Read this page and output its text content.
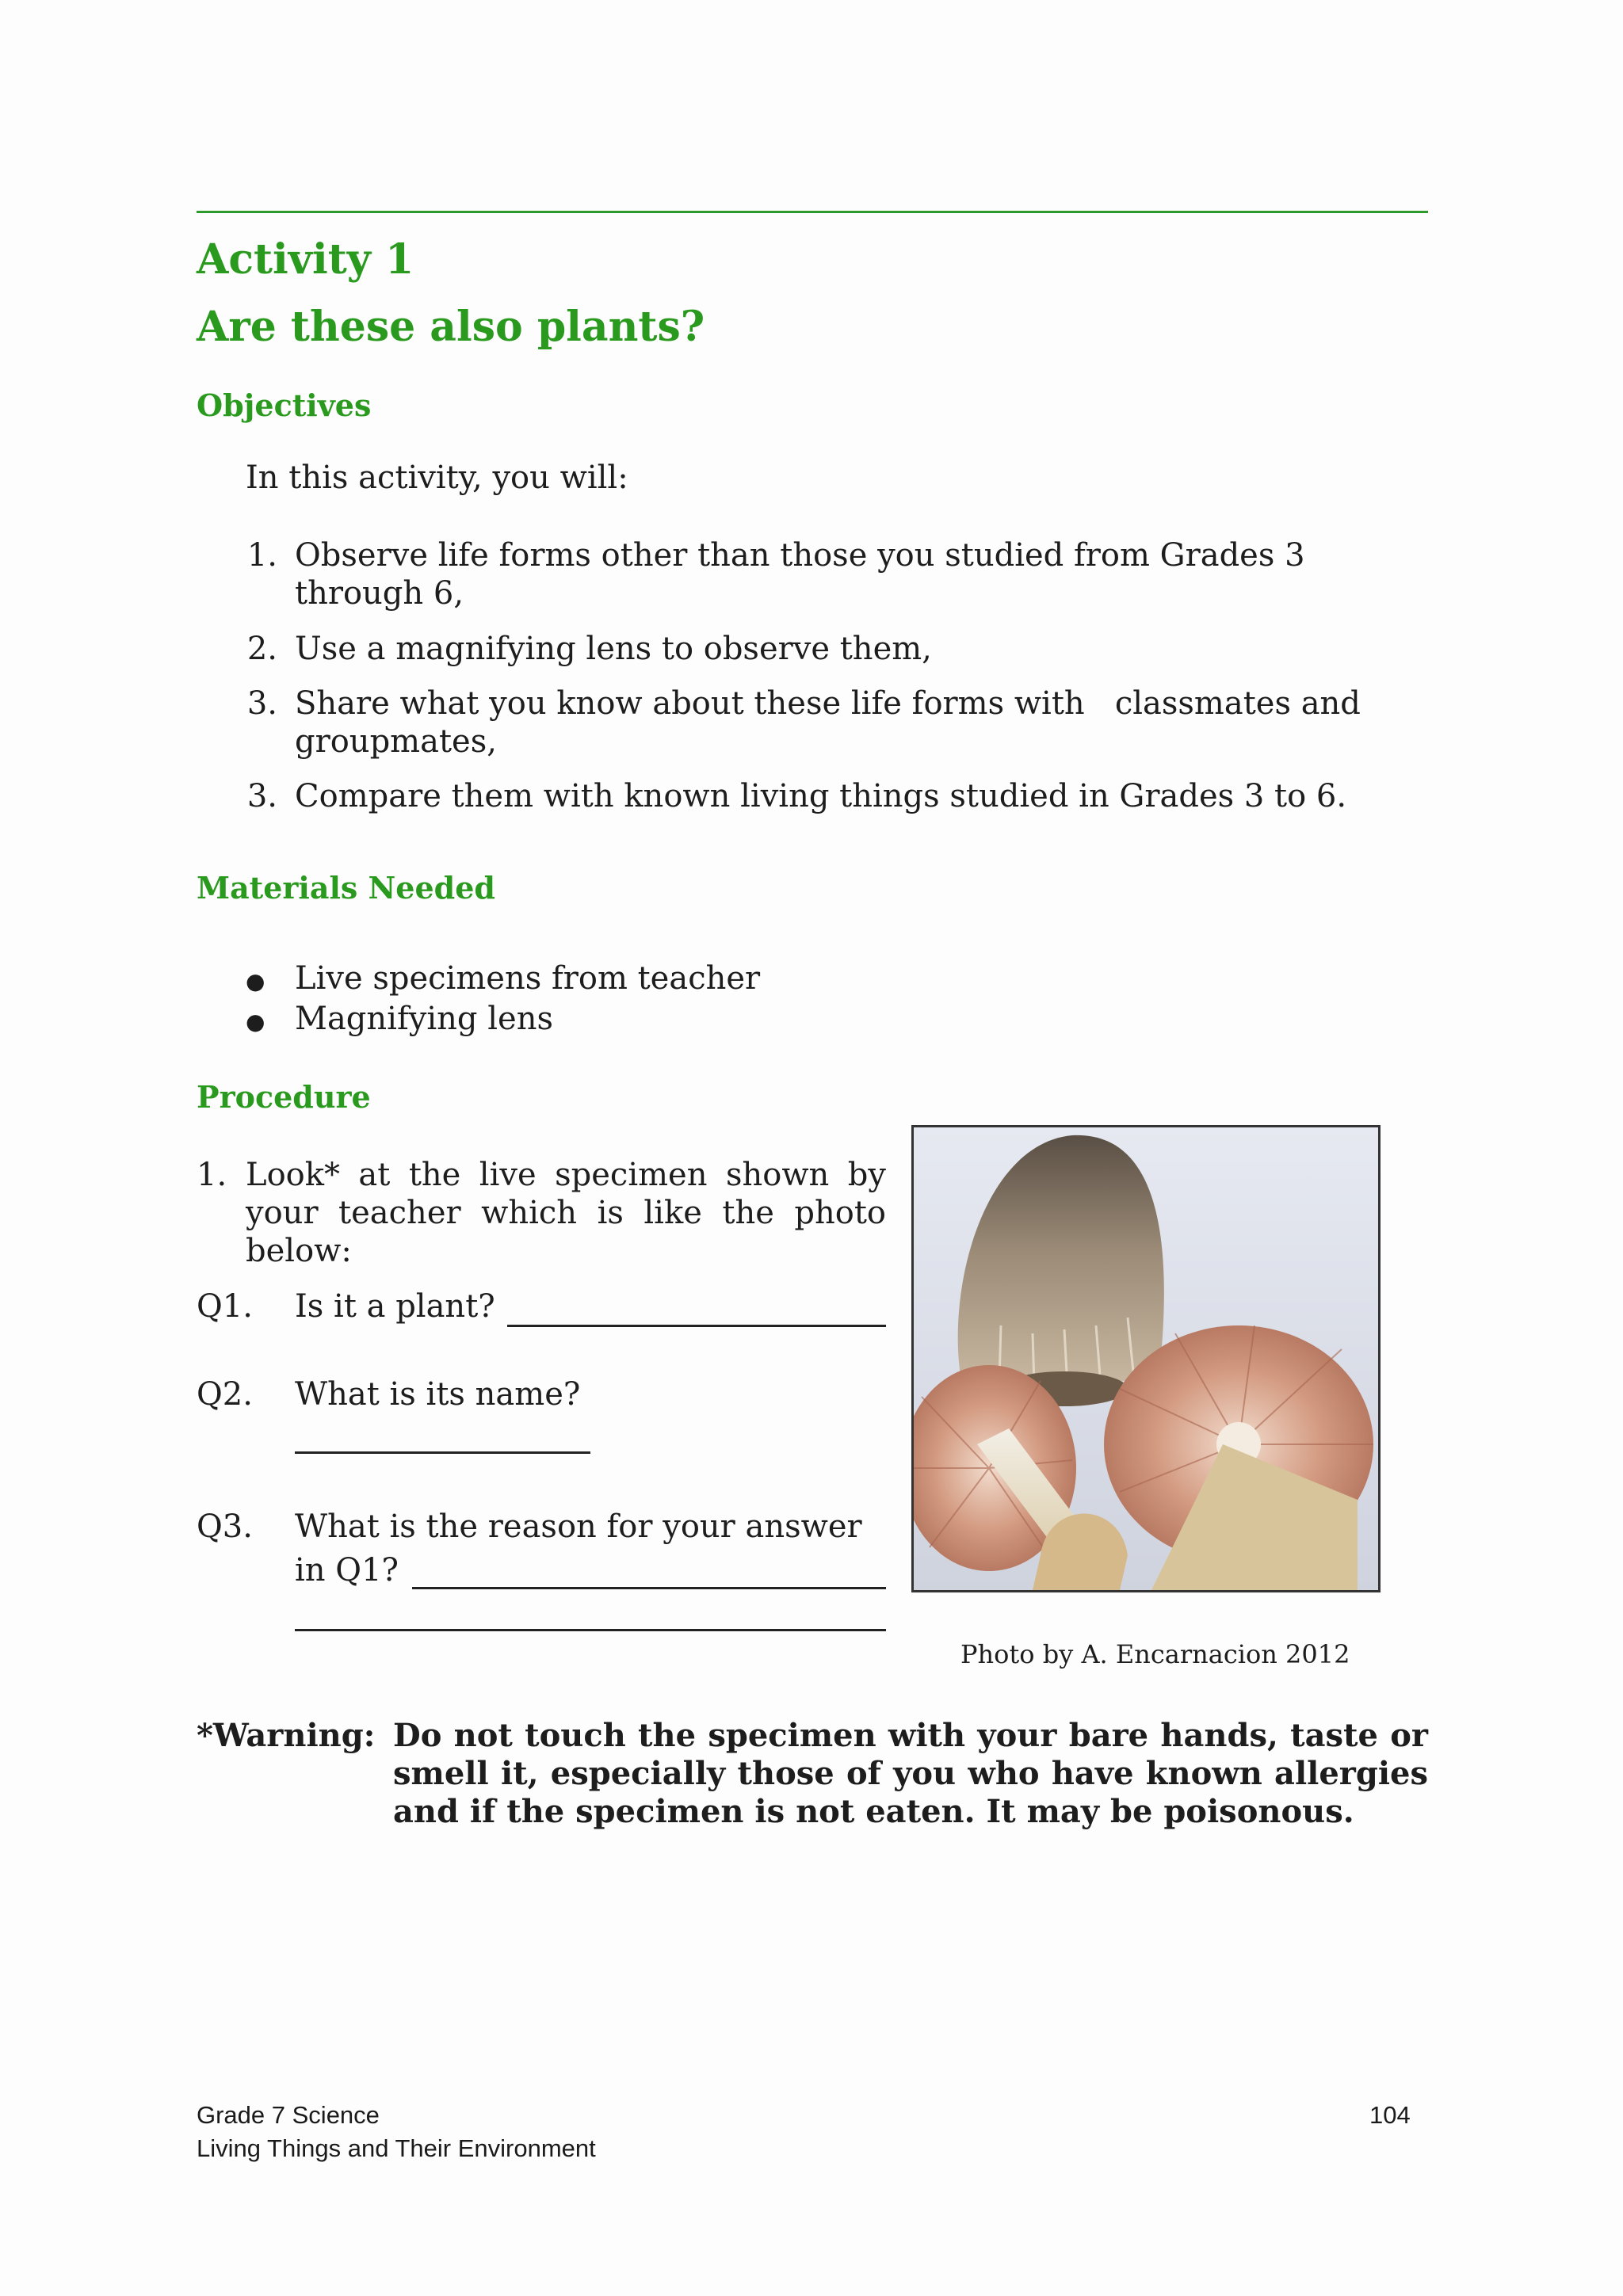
Activity 1
Are these also plants?
Objectives
In this activity, you will:
1. Observe life forms other than those you studied from Grades 3
through 6,
2. Use a magnifying lens to observe them,
3. Share what you know about these life forms with   classmates and
groupmates,
3. Compare them with known living things studied in Grades 3 to 6.
Materials Needed
● Live specimens from teacher
● Magnifying lens
Procedure
1. Look* at the live specimen shown by
your teacher which is like the photo
below:
Q1. Is it a plant?
Q2. What is its name?
Q3. What is the reason for your answer
in Q1?
Photo by A. Encarnacion 2012
*Warning: Do not touch the specimen with your bare hands, taste or
smell it, especially those of you who have known allergies
and if the specimen is not eaten. It may be poisonous.
Grade 7 Science
Living Things and Their Environment
104
